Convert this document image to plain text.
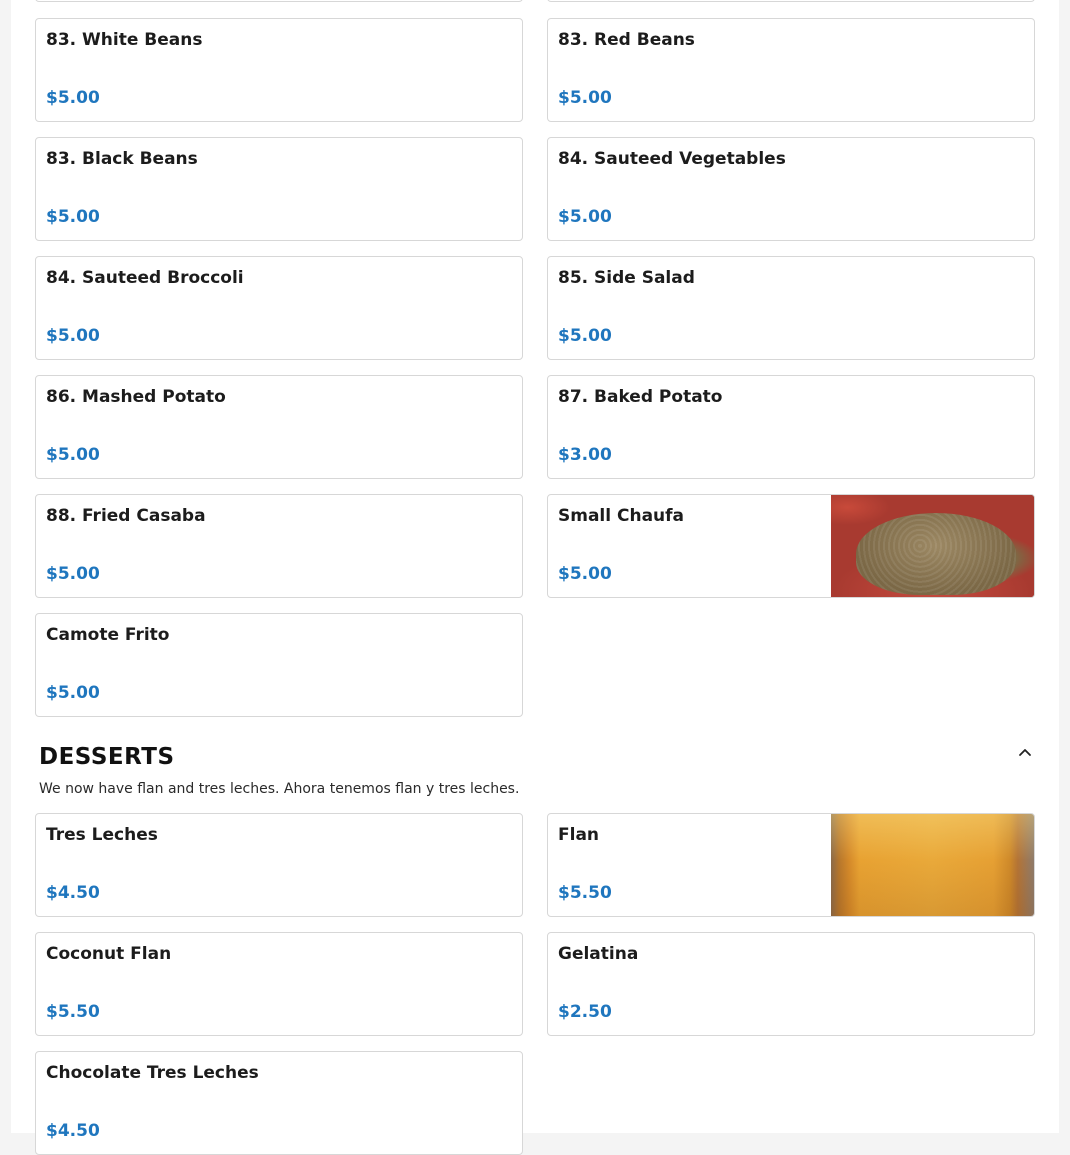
83. White Beans
$5.00
83. Red Beans
$5.00
83. Black Beans
$5.00
84. Sauteed Vegetables
$5.00
84. Sauteed Broccoli
$5.00
85. Side Salad
$5.00
86. Mashed Potato
$5.00
87. Baked Potato
$3.00
88. Fried Casaba
$5.00
Small Chaufa
$5.00
Camote Frito
$5.00
DESSERTS
We now have flan and tres leches. Ahora tenemos flan y tres leches.
Tres Leches
$4.50
Flan
$5.50
Coconut Flan
$5.50
Gelatina
$2.50
Chocolate Tres Leches
$4.50
